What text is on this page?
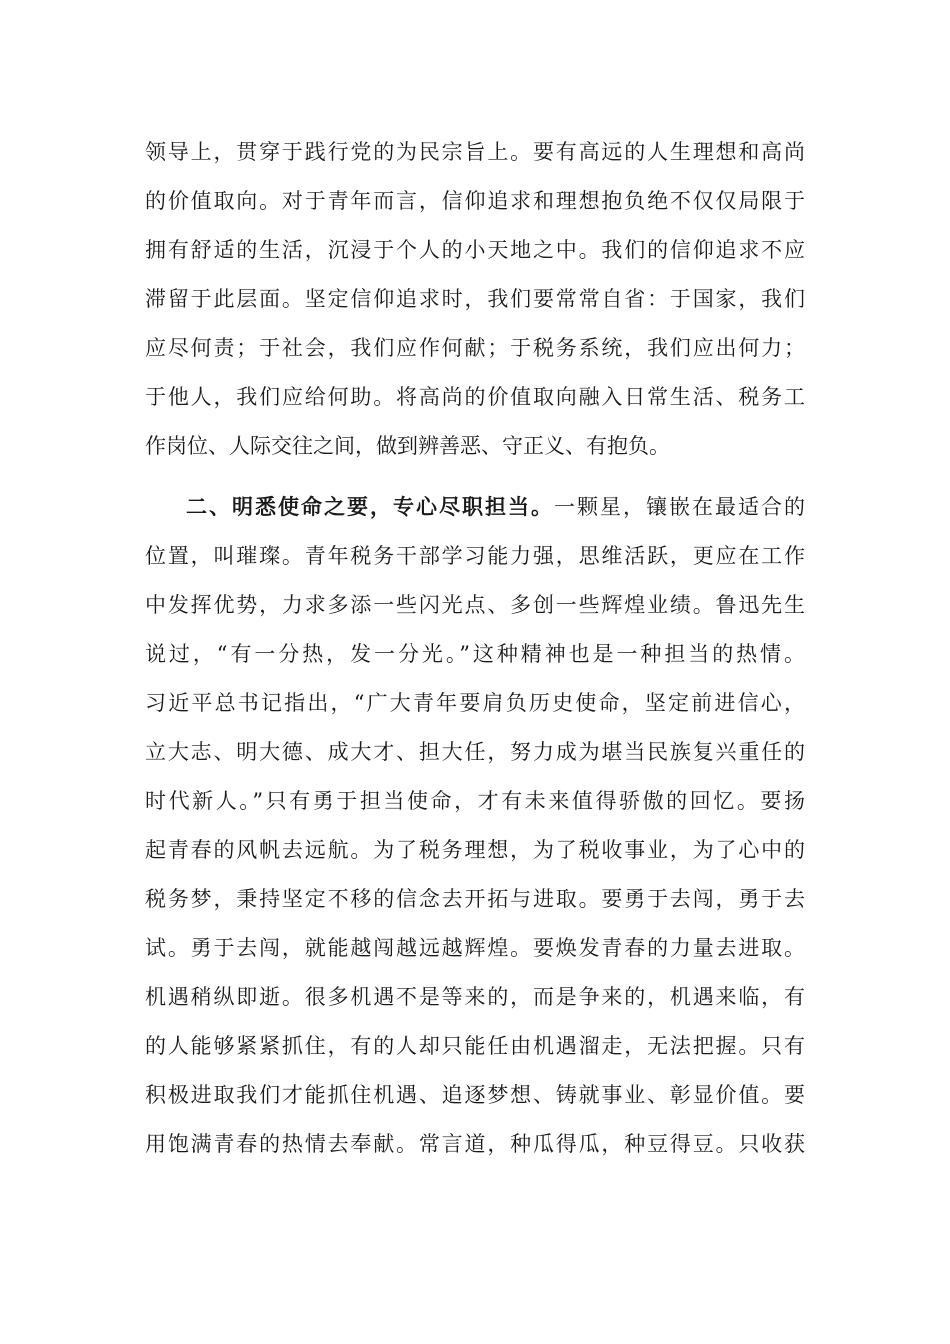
领导上，贯穿于践行党的为民宗旨上。要有高远的人生理想和高尚
的价值取向。对于青年而言，信仰追求和理想抱负绝不仅仅局限于
拥有舒适的生活，沉浸于个人的小天地之中。我们的信仰追求不应
滞留于此层面。坚定信仰追求时，我们要常常自省：于国家，我们
应尽何责；于社会，我们应作何献；于税务系统，我们应出何力；
于他人，我们应给何助。将高尚的价值取向融入日常生活、税务工
作岗位、人际交往之间，做到辨善恶、守正义、有抱负。
二、明悉使命之要，专心尽职担当。一颗星，镶嵌在最适合的
位置，叫璀璨。青年税务干部学习能力强，思维活跃，更应在工作
中发挥优势，力求多添一些闪光点、多创一些辉煌业绩。鲁迅先生
说过，“有一分热，发一分光。”这种精神也是一种担当的热情。
习近平总书记指出，“广大青年要肩负历史使命，坚定前进信心，
立大志、明大德、成大才、担大任，努力成为堪当民族复兴重任的
时代新人。”只有勇于担当使命，才有未来值得骄傲的回忆。要扬
起青春的风帆去远航。为了税务理想，为了税收事业，为了心中的
税务梦，秉持坚定不移的信念去开拓与进取。要勇于去闯，勇于去
试。勇于去闯，就能越闯越远越辉煌。要焕发青春的力量去进取。
机遇稍纵即逝。很多机遇不是等来的，而是争来的，机遇来临，有
的人能够紧紧抓住，有的人却只能任由机遇溜走，无法把握。只有
积极进取我们才能抓住机遇、追逐梦想、铸就事业、彰显价值。要
用饱满青春的热情去奉献。常言道，种瓜得瓜，种豆得豆。只收获
